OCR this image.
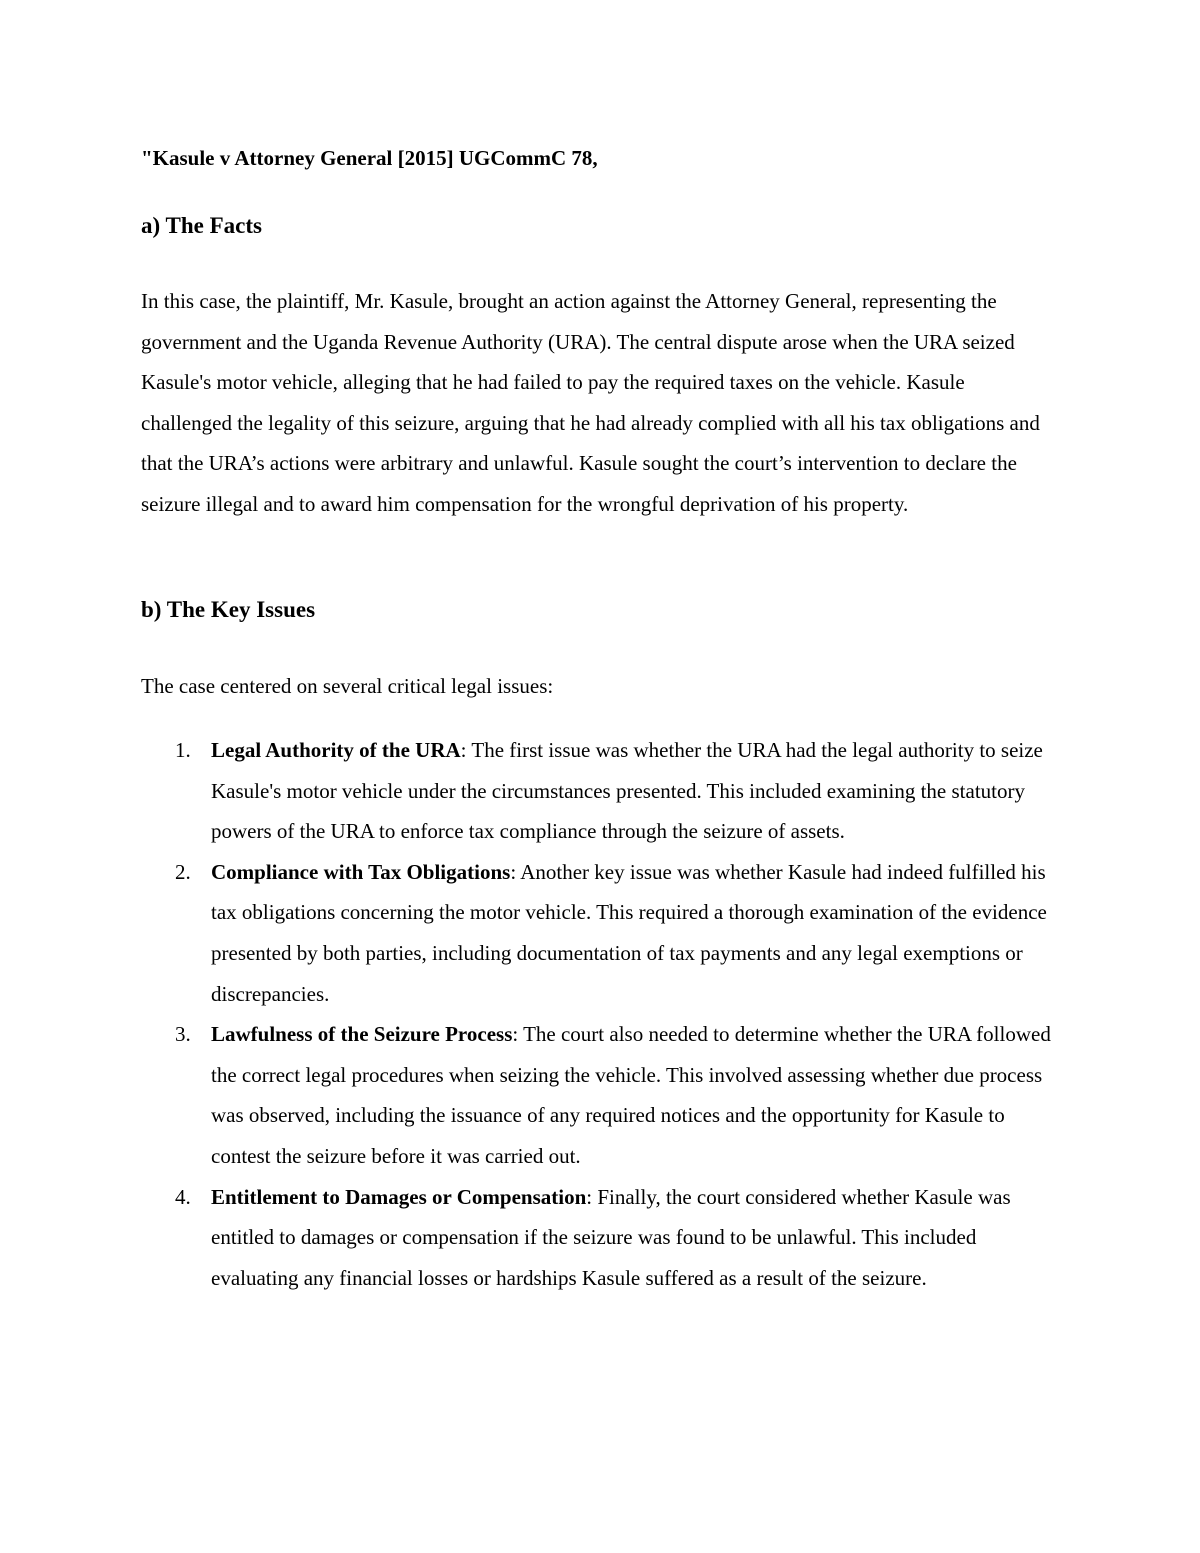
"Kasule v Attorney General [2015] UGCommC 78,
a) The Facts

In this case, the plaintiff, Mr. Kasule, brought an action against the Attorney General, representing the government and the Uganda Revenue Authority (URA). The central dispute arose when the URA seized Kasule's motor vehicle, alleging that he had failed to pay the required taxes on the vehicle. Kasule challenged the legality of this seizure, arguing that he had already complied with all his tax obligations and that the URA’s actions were arbitrary and unlawful. Kasule sought the court’s intervention to declare the seizure illegal and to award him compensation for the wrongful deprivation of his property.

b) The Key Issues

The case centered on several critical legal issues:

1. Legal Authority of the URA: The first issue was whether the URA had the legal authority to seize Kasule's motor vehicle under the circumstances presented. This included examining the statutory powers of the URA to enforce tax compliance through the seizure of assets.
2. Compliance with Tax Obligations: Another key issue was whether Kasule had indeed fulfilled his tax obligations concerning the motor vehicle. This required a thorough examination of the evidence presented by both parties, including documentation of tax payments and any legal exemptions or discrepancies.
3. Lawfulness of the Seizure Process: The court also needed to determine whether the URA followed the correct legal procedures when seizing the vehicle. This involved assessing whether due process was observed, including the issuance of any required notices and the opportunity for Kasule to contest the seizure before it was carried out.
4. Entitlement to Damages or Compensation: Finally, the court considered whether Kasule was entitled to damages or compensation if the seizure was found to be unlawful. This included evaluating any financial losses or hardships Kasule suffered as a result of the seizure.
